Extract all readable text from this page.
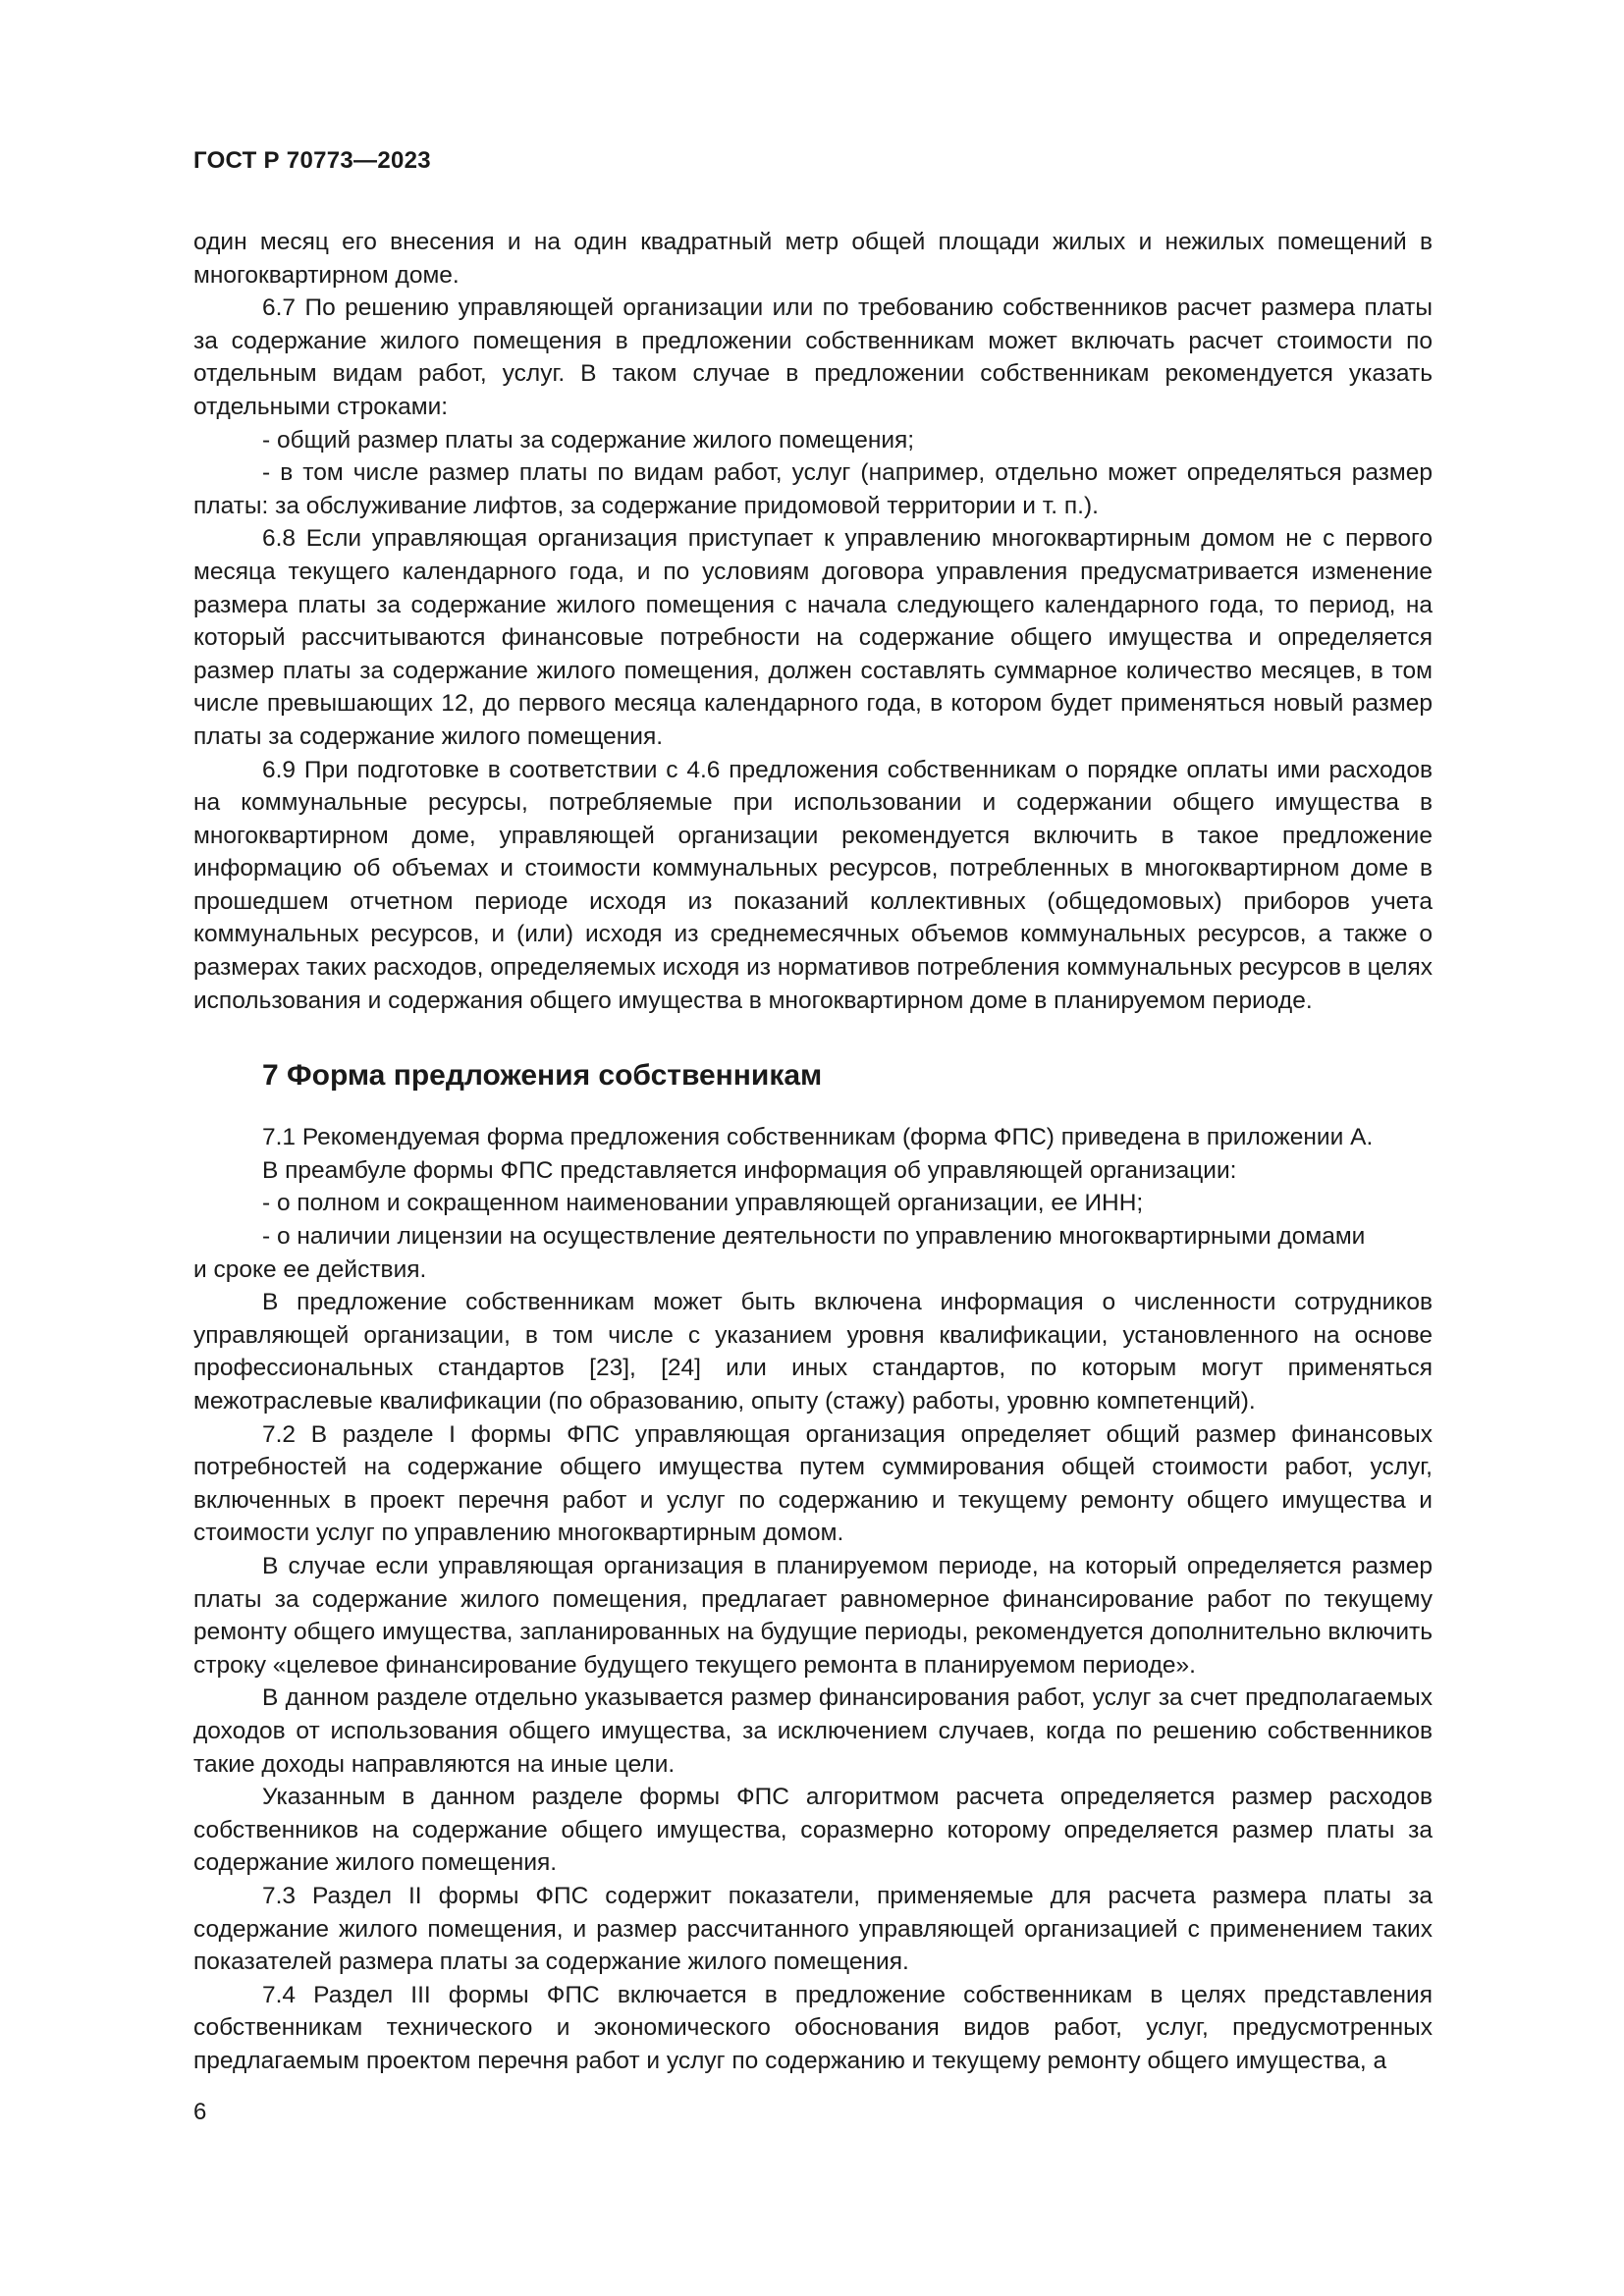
ГОСТ Р 70773—2023

один месяц его внесения и на один квадратный метр общей площади жилых и нежилых помещений в многоквартирном доме.

6.7 По решению управляющей организации или по требованию собственников расчет размера платы за содержание жилого помещения в предложении собственникам может включать расчет стоимости по отдельным видам работ, услуг. В таком случае в предложении собственникам рекомендуется указать отдельными строками:

- общий размер платы за содержание жилого помещения;

- в том числе размер платы по видам работ, услуг (например, отдельно может определяться размер платы: за обслуживание лифтов, за содержание придомовой территории и т. п.).

6.8 Если управляющая организация приступает к управлению многоквартирным домом не с первого месяца текущего календарного года, и по условиям договора управления предусматривается изменение размера платы за содержание жилого помещения с начала следующего календарного года, то период, на который рассчитываются финансовые потребности на содержание общего имущества и определяется размер платы за содержание жилого помещения, должен составлять суммарное количество месяцев, в том числе превышающих 12, до первого месяца календарного года, в котором будет применяться новый размер платы за содержание жилого помещения.

6.9 При подготовке в соответствии с 4.6 предложения собственникам о порядке оплаты ими расходов на коммунальные ресурсы, потребляемые при использовании и содержании общего имущества в многоквартирном доме, управляющей организации рекомендуется включить в такое предложение информацию об объемах и стоимости коммунальных ресурсов, потребленных в многоквартирном доме в прошедшем отчетном периоде исходя из показаний коллективных (общедомовых) приборов учета коммунальных ресурсов, и (или) исходя из среднемесячных объемов коммунальных ресурсов, а также о размерах таких расходов, определяемых исходя из нормативов потребления коммунальных ресурсов в целях использования и содержания общего имущества в многоквартирном доме в планируемом периоде.

7 Форма предложения собственникам

7.1 Рекомендуемая форма предложения собственникам (форма ФПС) приведена в приложении А.

В преамбуле формы ФПС представляется информация об управляющей организации:

- о полном и сокращенном наименовании управляющей организации, ее ИНН;

- о наличии лицензии на осуществление деятельности по управлению многоквартирными домами

и сроке ее действия.

В предложение собственникам может быть включена информация о численности сотрудников управляющей организации, в том числе с указанием уровня квалификации, установленного на основе профессиональных стандартов [23], [24] или иных стандартов, по которым могут применяться межотраслевые квалификации (по образованию, опыту (стажу) работы, уровню компетенций).

7.2 В разделе I формы ФПС управляющая организация определяет общий размер финансовых потребностей на содержание общего имущества путем суммирования общей стоимости работ, услуг, включенных в проект перечня работ и услуг по содержанию и текущему ремонту общего имущества и стоимости услуг по управлению многоквартирным домом.

В случае если управляющая организация в планируемом периоде, на который определяется размер платы за содержание жилого помещения, предлагает равномерное финансирование работ по текущему ремонту общего имущества, запланированных на будущие периоды, рекомендуется дополнительно включить строку «целевое финансирование будущего текущего ремонта в планируемом периоде».

В данном разделе отдельно указывается размер финансирования работ, услуг за счет предполагаемых доходов от использования общего имущества, за исключением случаев, когда по решению собственников такие доходы направляются на иные цели.

Указанным в данном разделе формы ФПС алгоритмом расчета определяется размер расходов собственников на содержание общего имущества, соразмерно которому определяется размер платы за содержание жилого помещения.

7.3 Раздел II формы ФПС содержит показатели, применяемые для расчета размера платы за содержание жилого помещения, и размер рассчитанного управляющей организацией с применением таких показателей размера платы за содержание жилого помещения.

7.4 Раздел III формы ФПС включается в предложение собственникам в целях представления собственникам технического и экономического обоснования видов работ, услуг, предусмотренных предлагаемым проектом перечня работ и услуг по содержанию и текущему ремонту общего имущества, а

6
